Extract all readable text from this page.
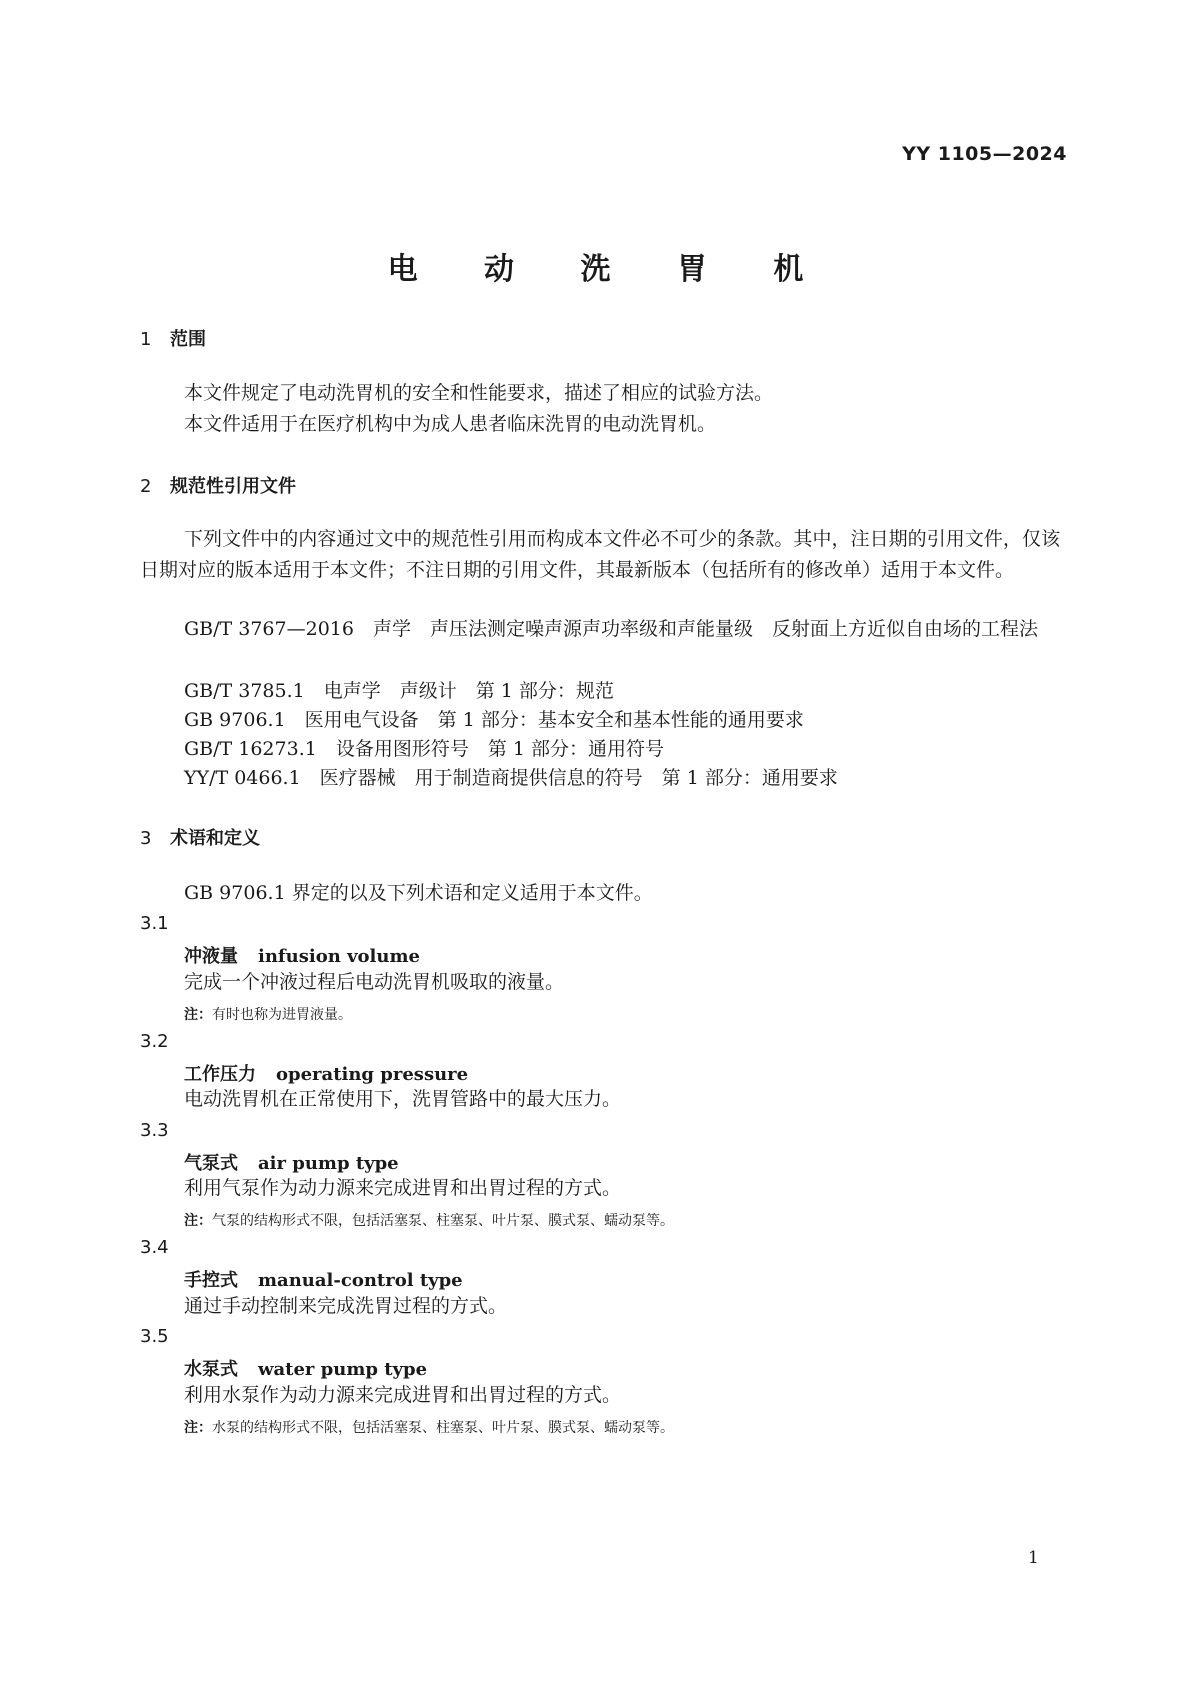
YY 1105—2024
电 动 洗 胃 机
1 范围
本文件规定了电动洗胃机的安全和性能要求，描述了相应的试验方法。
本文件适用于在医疗机构中为成人患者临床洗胃的电动洗胃机。
2 规范性引用文件
下列文件中的内容通过文中的规范性引用而构成本文件必不可少的条款。其中，注日期的引用文件，仅该日期对应的版本适用于本文件；不注日期的引用文件，其最新版本（包括所有的修改单）适用于本文件。
GB/T 3767—2016　声学　声压法测定噪声源声功率级和声能量级　反射面上方近似自由场的工程法
GB/T 3785.1　电声学　声级计　第 1 部分：规范
GB 9706.1　医用电气设备　第 1 部分：基本安全和基本性能的通用要求
GB/T 16273.1　设备用图形符号　第 1 部分：通用符号
YY/T 0466.1　医疗器械　用于制造商提供信息的符号　第 1 部分：通用要求
3 术语和定义
GB 9706.1 界定的以及下列术语和定义适用于本文件。
3.1
冲液量 infusion volume
完成一个冲液过程后电动洗胃机吸取的液量。
注：有时也称为进胃液量。
3.2
工作压力 operating pressure
电动洗胃机在正常使用下，洗胃管路中的最大压力。
3.3
气泵式 air pump type
利用气泵作为动力源来完成进胃和出胃过程的方式。
注：气泵的结构形式不限，包括活塞泵、柱塞泵、叶片泵、膜式泵、蠕动泵等。
3.4
手控式 manual-control type
通过手动控制来完成洗胃过程的方式。
3.5
水泵式 water pump type
利用水泵作为动力源来完成进胃和出胃过程的方式。
注：水泵的结构形式不限，包括活塞泵、柱塞泵、叶片泵、膜式泵、蠕动泵等。
1
